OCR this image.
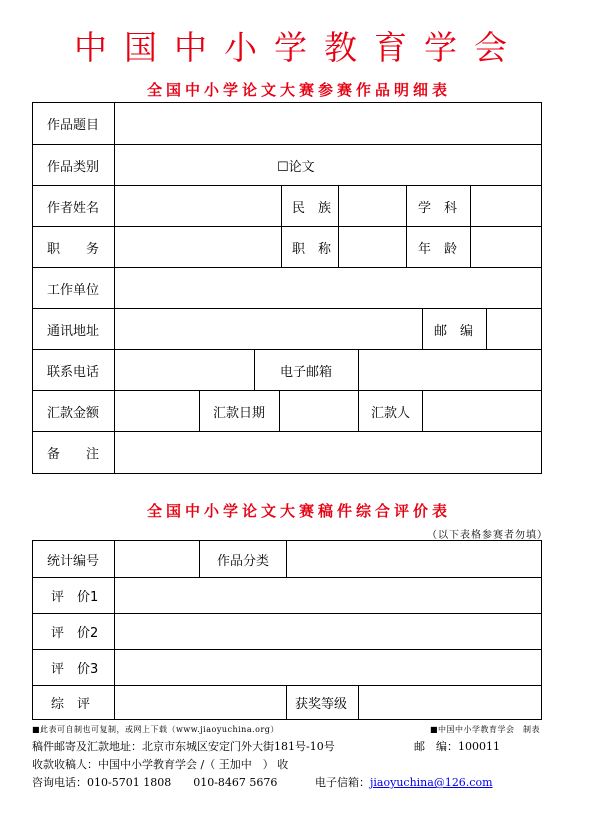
中国中小学教育学会
全国中小学论文大赛参赛作品明细表
作品题目
作品类别	☐论文
作者姓名	民　族	学　科
职　　务	职　称	年　龄
工作单位
通讯地址	邮　编
联系电话	电子邮箱
汇款金额	汇款日期	汇款人
备　　注
全国中小学论文大赛稿件综合评价表
（以下表格参赛者勿填）
统计编号	作品分类
评　价1
评　价2
评　价3
综　评	获奖等级
■此表可自制也可复制，或网上下载（www.jiaoyuchina.org）	■中国中小学教育学会　制表
稿件邮寄及汇款地址：北京市东城区安定门外大街181号-10号	邮　编：100011
收款收稿人：中国中小学教育学会 /（ 王加中　） 收
咨询电话：010-5701 1808　　010-8467 5676	电子信箱：jiaoyuchina@126.com
